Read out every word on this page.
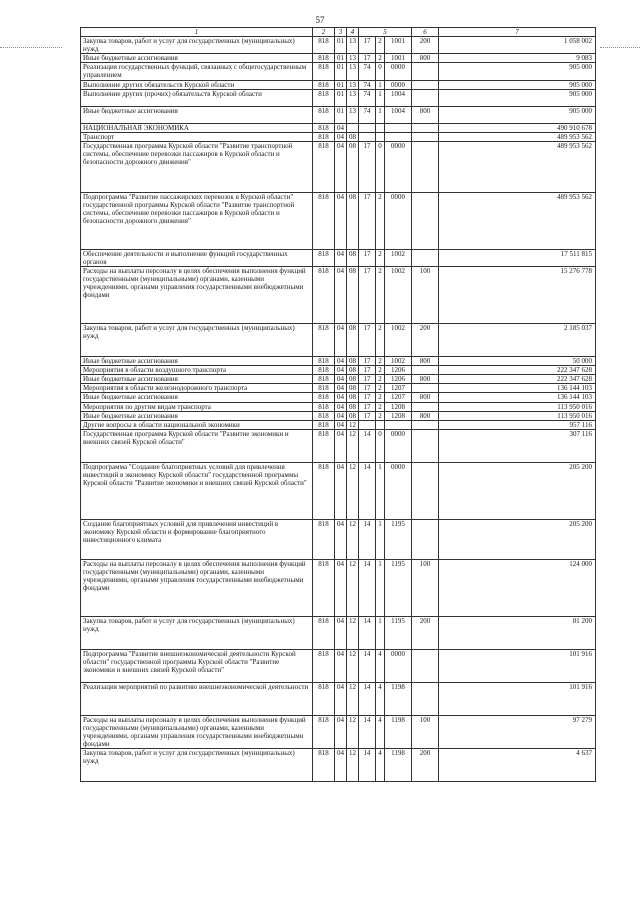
57
1	2	3	4	5			6	7
Закупка товаров, работ и услуг для государственных (муниципальных) нужд	818	01	13	17	2	1001	200	1 058 002
Иные бюджетные ассигнования	818	01	13	17	2	1001	800	9 083
Реализация государственных функций, связанных с общегосударственным управлением	818	01	13	74	0	0000		905 000
Выполнение других обязательств Курской области	818	01	13	74	1	0000		905 000
Выполнение других (прочих) обязательств Курской области	818	01	13	74	1	1004		905 000
Иные бюджетные ассигнования	818	01	13	74	1	1004	800	905 000
НАЦИОНАЛЬНАЯ ЭКОНОМИКА	818	04						490 910 678
Транспорт	818	04	08					489 953 562
Государственная программа Курской области "Развитие транспортной системы, обеспечение перевозки пассажиров в Курской области и безопасности дорожного движения"	818	04	08	17	0	0000		489 953 562
Подпрограмма "Развитие пассажирских перевозок в Курской области" государственной программы Курской области "Развитие транспортной системы, обеспечение перевозки пассажиров в Курской области и безопасности дорожного движения"	818	04	08	17	2	0000		489 953 562
Обеспечение деятельности и выполнение функций государственных органов	818	04	08	17	2	1002		17 511 815
Расходы на выплаты персоналу в целях обеспечения выполнения функций государственными (муниципальными) органами, казенными учреждениями, органами управления государственными внебюджетными фондами	818	04	08	17	2	1002	100	15 276 778
Закупка товаров, работ и услуг для государственных (муниципальных) нужд	818	04	08	17	2	1002	200	2 185 037
Иные бюджетные ассигнования	818	04	08	17	2	1002	800	50 000
Мероприятия в области воздушного транспорта	818	04	08	17	2	1206		222 347 628
Иные бюджетные ассигнования	818	04	08	17	2	1206	800	222 347 628
Мероприятия в области железнодорожного транспорта	818	04	08	17	2	1207		136 144 103
Иные бюджетные ассигнования	818	04	08	17	2	1207	800	136 144 103
Мероприятия по другим видам транспорта	818	04	08	17	2	1208		113 950 016
Иные бюджетные ассигнования	818	04	08	17	2	1208	800	113 950 016
Другие вопросы в области национальной экономики	818	04	12					957 116
Государственная программа Курской области "Развитие экономики и внешних связей Курской области"	818	04	12	14	0	0000		307 116
Подпрограмма "Создание благоприятных условий для привлечения инвестиций в экономику Курской области" государственной программы Курской области "Развитие экономики и внешних связей Курской области"	818	04	12	14	1	0000		205 200
Создание благоприятных условий для привлечения инвестиций в экономику Курской области и формирование благоприятного инвестиционного климата	818	04	12	14	1	1195		205 200
Расходы на выплаты персоналу в целях обеспечения выполнения функций государственными (муниципальными) органами, казенными учреждениями, органами управления государственными внебюджетными фондами	818	04	12	14	1	1195	100	124 000
Закупка товаров, работ и услуг для государственных (муниципальных) нужд	818	04	12	14	1	1195	200	81 200
Подпрограмма "Развитие внешнеэкономической деятельности Курской области" государственной программы Курской области "Развитие экономики и внешних связей Курской области"	818	04	12	14	4	0000		101 916
Реализация мероприятий по развитию внешнеэкономической деятельности	818	04	12	14	4	1198		101 916
Расходы на выплаты персоналу в целях обеспечения выполнения функций государственными (муниципальными) органами, казенными учреждениями, органами управления государственными внебюджетными фондами	818	04	12	14	4	1198	100	97 279
Закупка товаров, работ и услуг для государственных (муниципальных) нужд	818	04	12	14	4	1198	200	4 637
